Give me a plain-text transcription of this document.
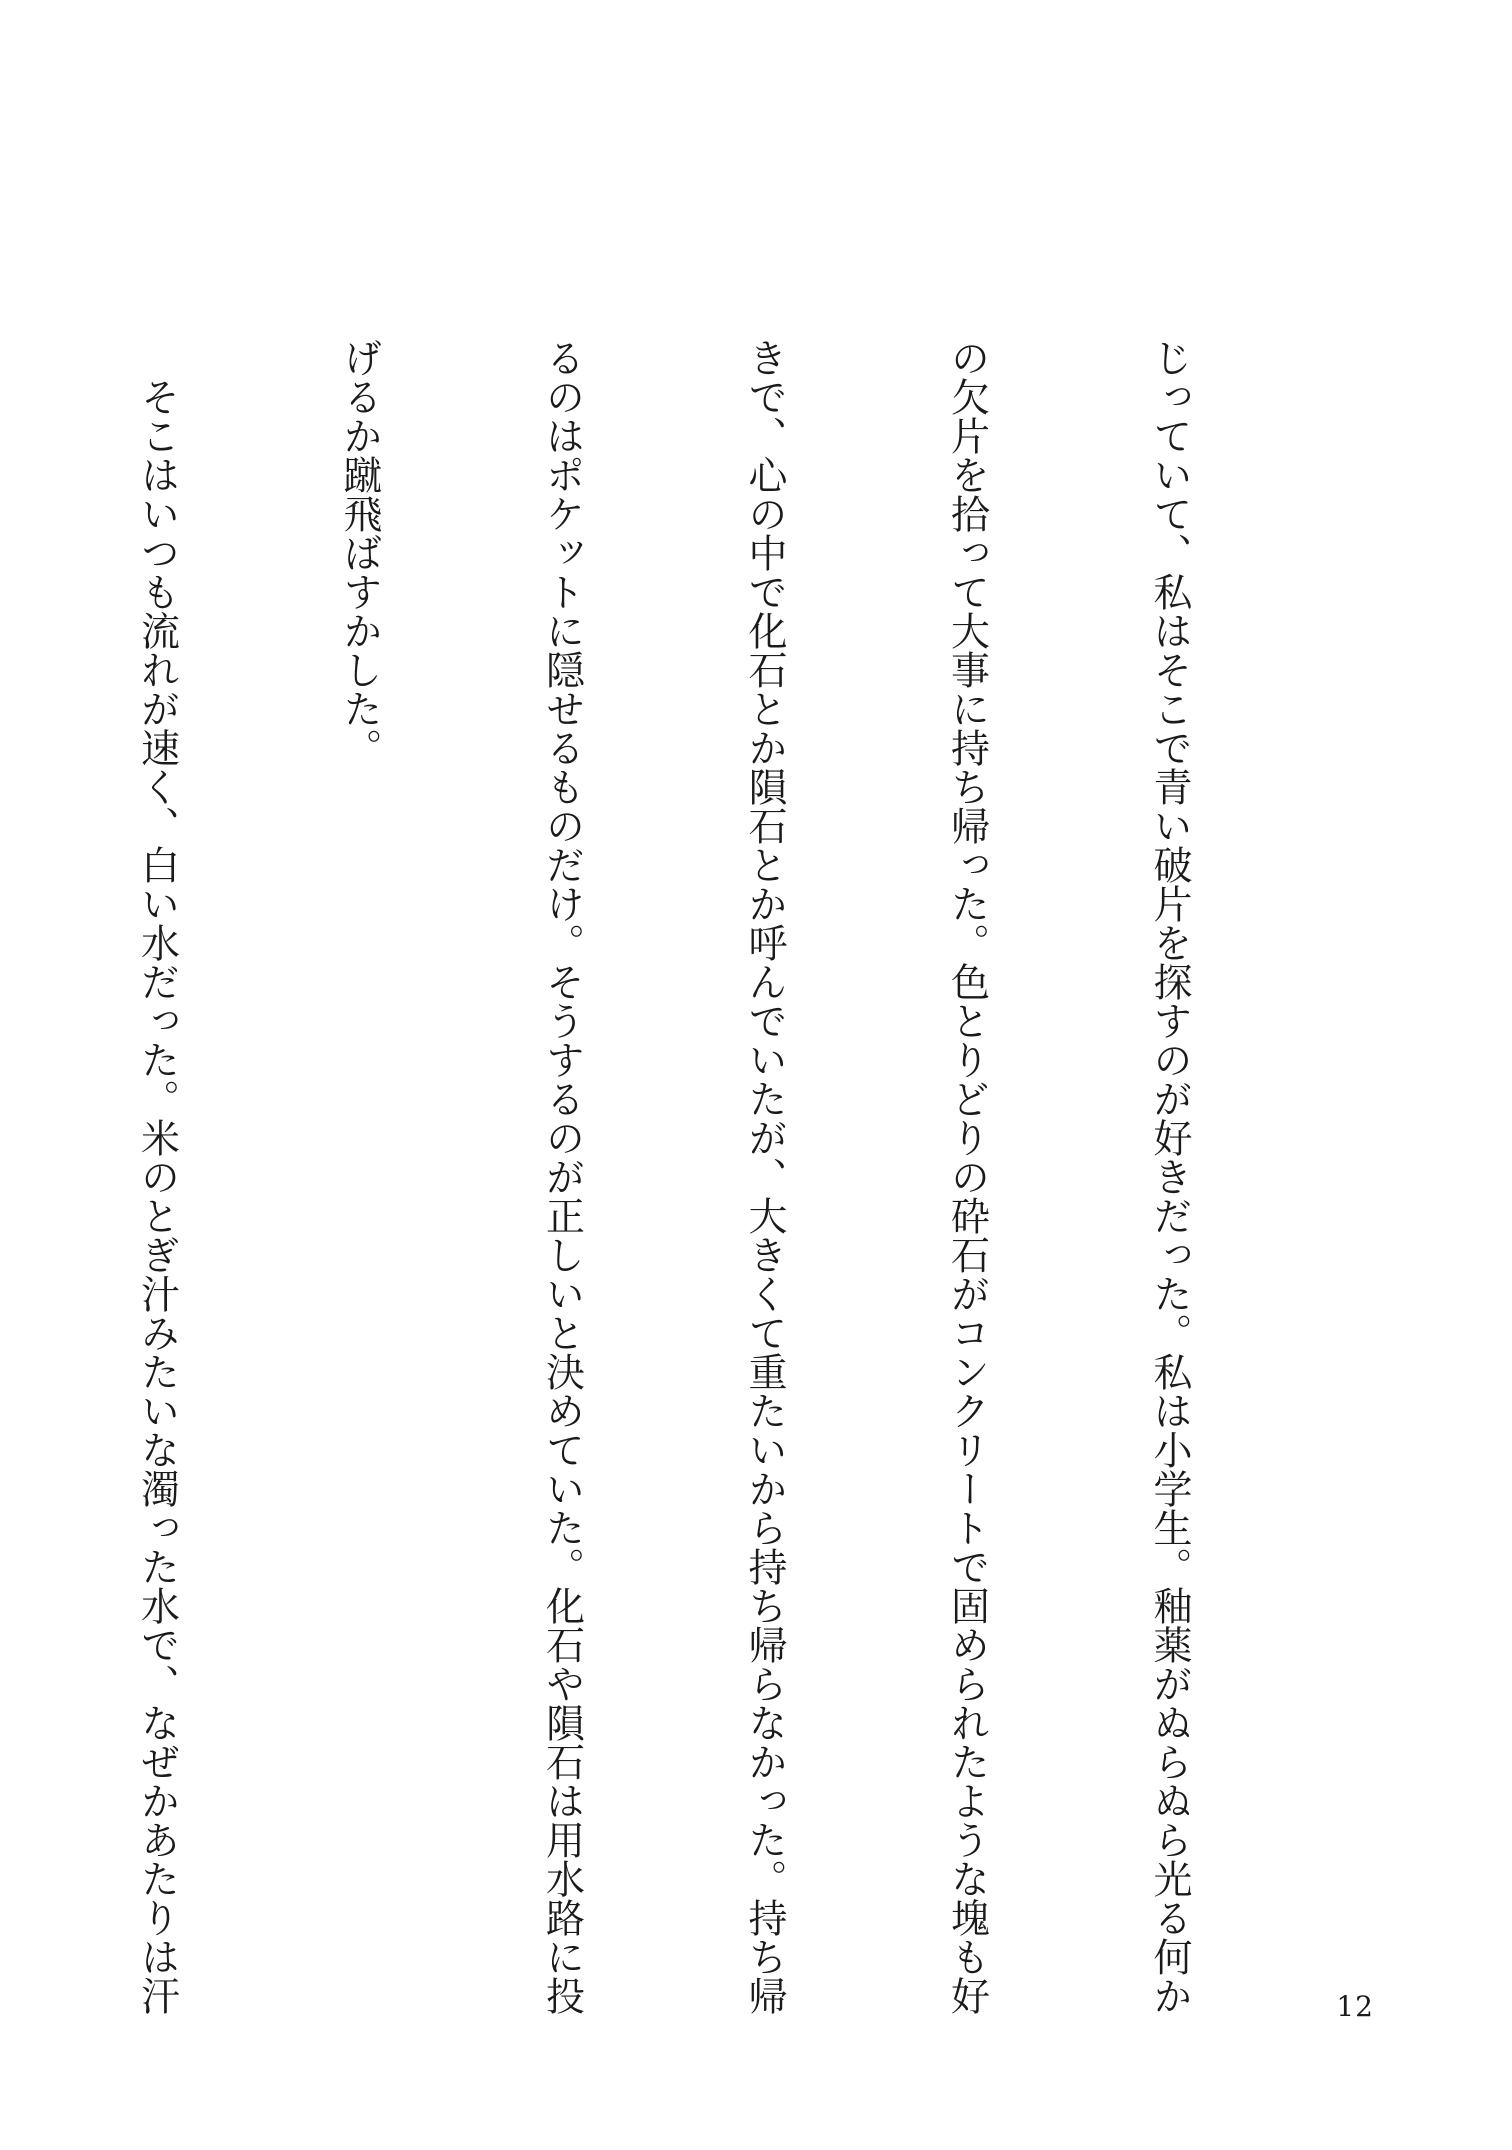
じっていて、私はそこで青い破片を探すのが好きだった。私は小学生。釉薬がぬらぬら光る何か

の欠片を拾って大事に持ち帰った。色とりどりの砕石がコンクリートで固められたような塊も好

きで、心の中で化石とか隕石とか呼んでいたが、大きくて重たいから持ち帰らなかった。持ち帰

るのはポケットに隠せるものだけ。そうするのが正しいと決めていた。化石や隕石は用水路に投

げるか蹴飛ばすかした。

そこはいつも流れが速く、白い水だった。米のとぎ汁みたいな濁った水で、なぜかあたりは汗

	12
